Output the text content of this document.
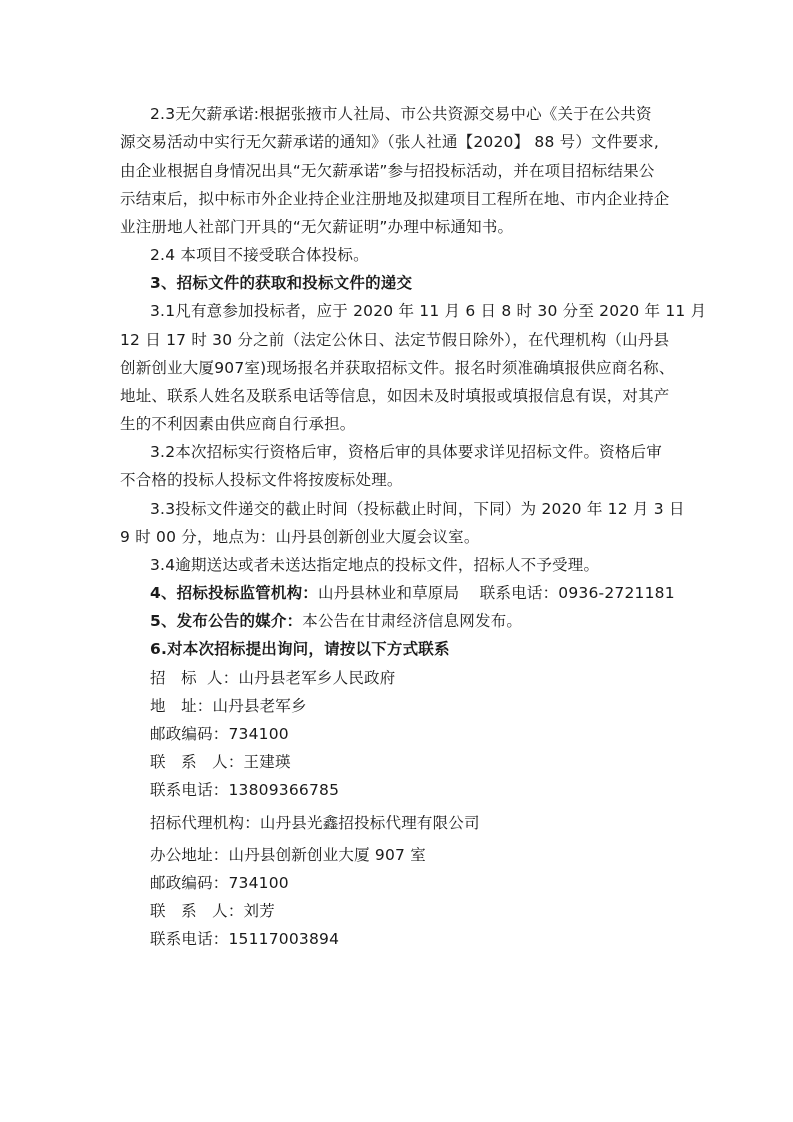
2.3无欠薪承诺:根据张掖市人社局、市公共资源交易中心《关于在公共资
源交易活动中实行无欠薪承诺的通知》（张人社通【2020】 88 号）文件要求,
由企业根据自身情况出具“无欠薪承诺”参与招投标活动，并在项目招标结果公
示结束后，拟中标市外企业持企业注册地及拟建项目工程所在地、市内企业持企
业注册地人社部门开具的“无欠薪证明”办理中标通知书。
2.4 本项目不接受联合体投标。
3、招标文件的获取和投标文件的递交
3.1凡有意参加投标者，应于 2020 年 11 月 6 日 8 时 30 分至 2020 年 11 月
12 日 17 时 30 分之前（法定公休日、法定节假日除外），在代理机构（山丹县
创新创业大厦907室)现场报名并获取招标文件。报名时须准确填报供应商名称、
地址、联系人姓名及联系电话等信息，如因未及时填报或填报信息有误，对其产
生的不利因素由供应商自行承担。
3.2本次招标实行资格后审，资格后审的具体要求详见招标文件。资格后审
不合格的投标人投标文件将按废标处理。
3.3投标文件递交的截止时间（投标截止时间，下同）为 2020 年 12 月 3 日
9 时 00 分，地点为：山丹县创新创业大厦会议室。
3.4逾期送达或者未送达指定地点的投标文件，招标人不予受理。
4、招标投标监管机构：山丹县林业和草原局    联系电话：0936-2721181
5、发布公告的媒介：本公告在甘肃经济信息网发布。
6.对本次招标提出询问，请按以下方式联系
招   标  人：山丹县老军乡人民政府
地   址：山丹县老军乡
邮政编码：734100
联   系   人：王建瑛
联系电话：13809366785
招标代理机构：山丹县光鑫招投标代理有限公司
办公地址：山丹县创新创业大厦 907 室
邮政编码：734100
联   系   人：刘芳
联系电话：15117003894
